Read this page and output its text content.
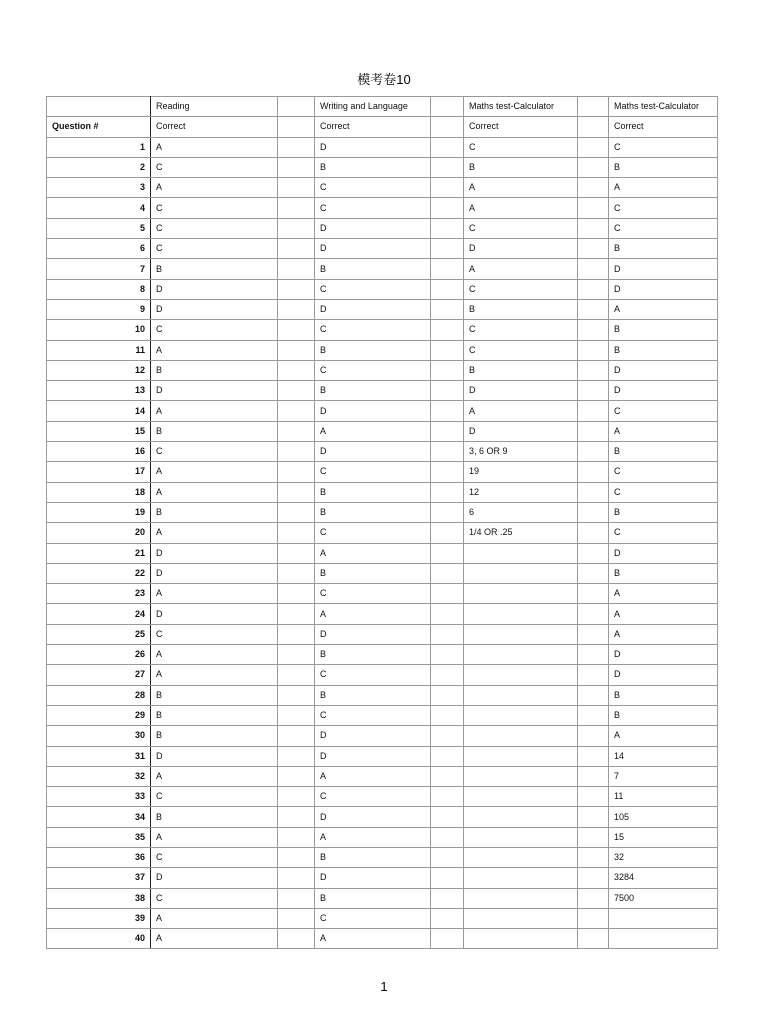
模考卷10
	Reading		Writing and Language		Maths test-Calculator		Maths test-Calculator
Question #	Correct		Correct		Correct		Correct
1	A		D		C		C
2	C		B		B		B
3	A		C		A		A
4	C		C		A		C
5	C		D		C		C
6	C		D		D		B
7	B		B		A		D
8	D		C		C		D
9	D		D		B		A
10	C		C		C		B
11	A		B		C		B
12	B		C		B		D
13	D		B		D		D
14	A		D		A		C
15	B		A		D		A
16	C		D		3, 6 OR 9		B
17	A		C		19		C
18	A		B		12		C
19	B		B		6		B
20	A		C		1/4 OR .25		C
21	D		A				D
22	D		B				B
23	A		C				A
24	D		A				A
25	C		D				A
26	A		B				D
27	A		C				D
28	B		B				B
29	B		C				B
30	B		D				A
31	D		D				14
32	A		A				7
33	C		C				11
34	B		D				105
35	A		A				15
36	C		B				32
37	D		D				3284
38	C		B				7500
39	A		C				
40	A		A				
1
